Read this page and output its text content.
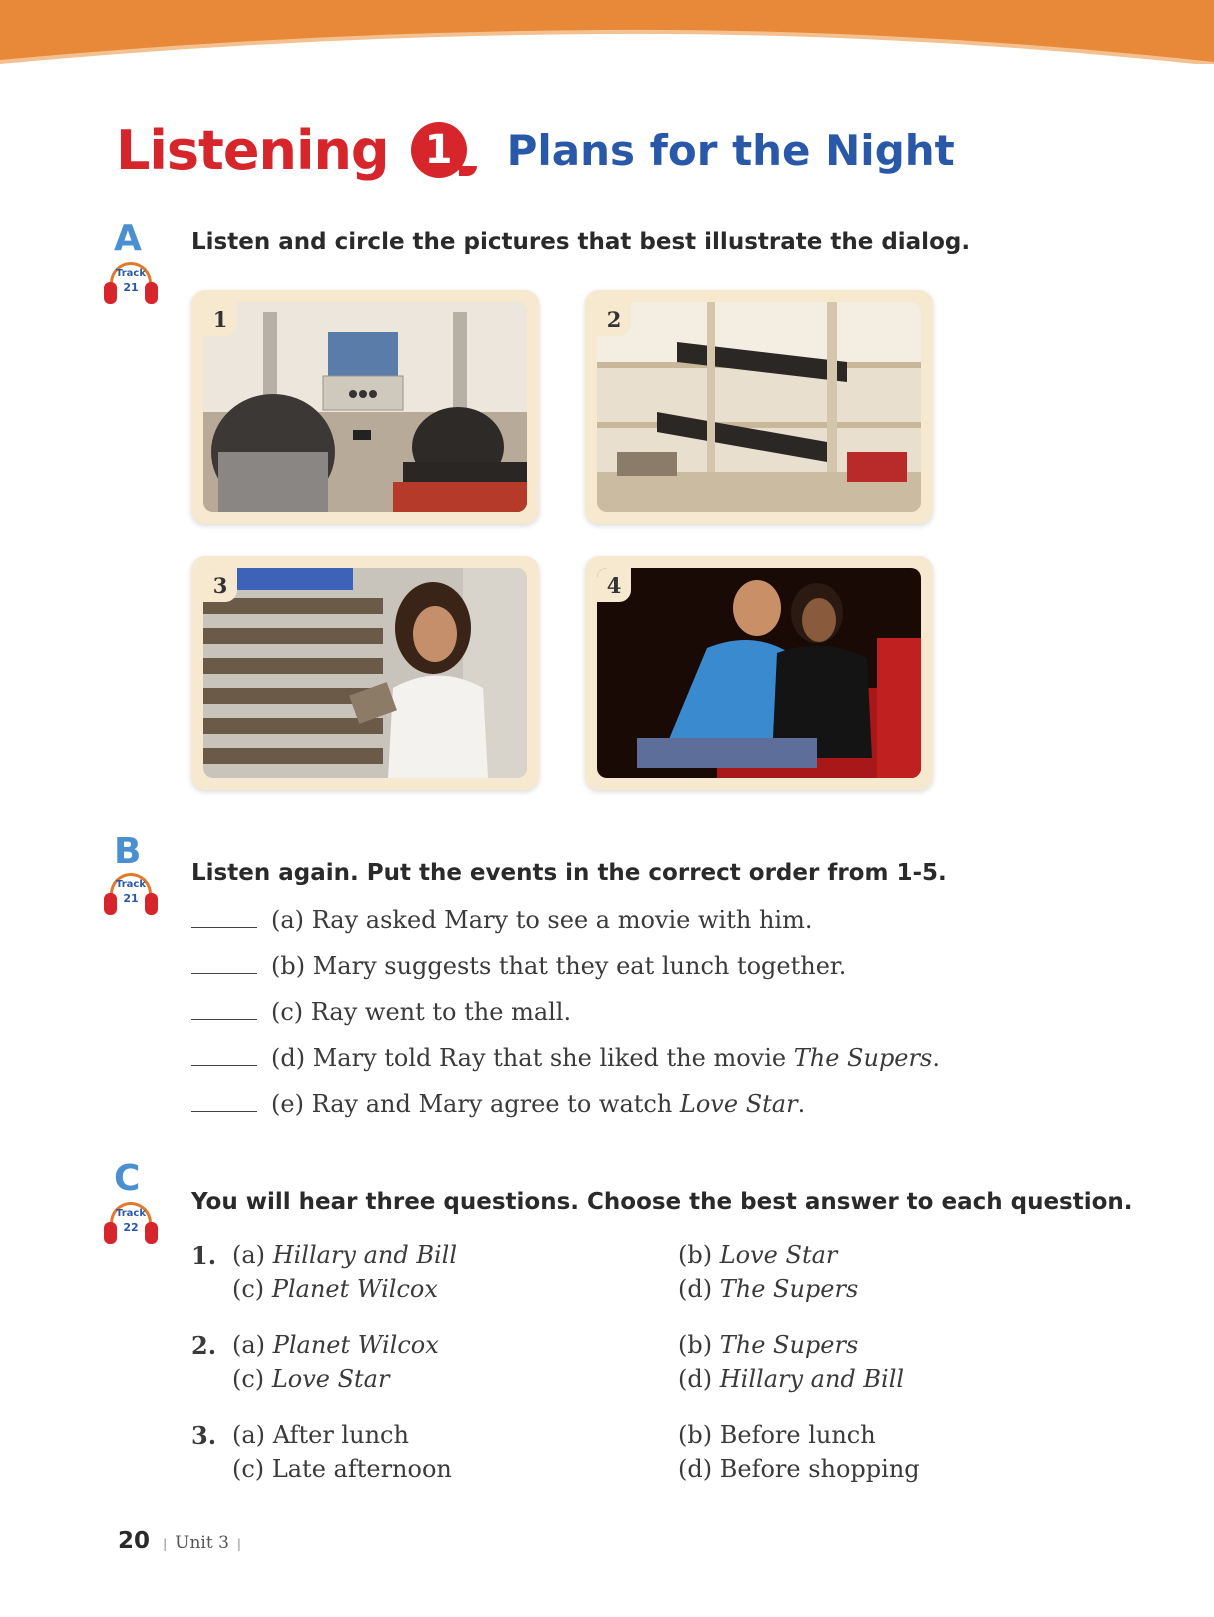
Listening 1	Plans for the Night
A
Track
21
Listen and circle the pictures that best illustrate the dialog.
1	2
3	4
B
Track
21
Listen again. Put the events in the correct order from 1-5.
(a) Ray asked Mary to see a movie with him.
(b) Mary suggests that they eat lunch together.
(c) Ray went to the mall.
(d) Mary told Ray that she liked the movie The Supers.
(e) Ray and Mary agree to watch Love Star.
C
Track
22
You will hear three questions. Choose the best answer to each question.
1. (a) Hillary and Bill	(b) Love Star
(c) Planet Wilcox	(d) The Supers
2. (a) Planet Wilcox	(b) The Supers
(c) Love Star	(d) Hillary and Bill
3. (a) After lunch	(b) Before lunch
(c) Late afternoon	(d) Before shopping
20 | Unit 3 |
